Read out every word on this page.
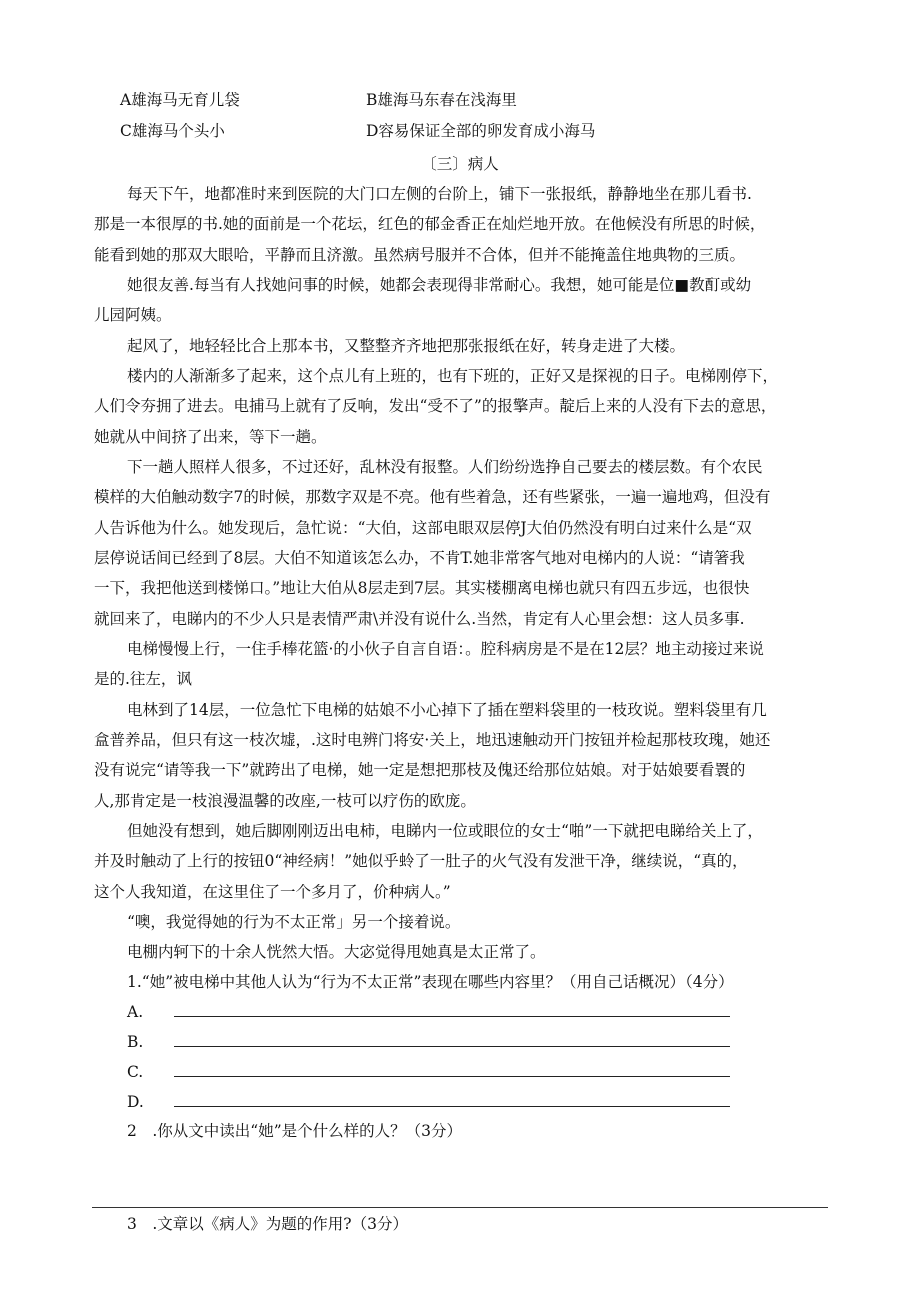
A雄海马无育儿袋	B雄海马东春在浅海里
C雄海马个头小	D容易保证全部的卵发育成小海马
〔三〕病人
每天下午，地都准时来到医院的大门口左侧的台阶上，铺下一张报纸，静静地坐在那儿看书.
那是一本很厚的书.她的面前是一个花坛，红色的郁金香正在灿烂地开放。在他候没有所思的时候，
能看到她的那双大眼哈，平静而且济激。虽然病号服并不合体，但并不能掩盖住地典物的三质。
她很友善.每当有人找她问事的时候，她都会表现得非常耐心。我想，她可能是位■教酊或幼
儿园阿姨。
起风了，地轻轻比合上那本书，又整整齐齐地把那张报纸在好，转身走进了大楼。
楼内的人渐渐多了起来，这个点儿有上班的，也有下班的，正好又是探视的日子。电梯刚停下，
人们令夯拥了进去。电捕马上就有了反响，发出“受不了”的报擎声。靛后上来的人没有下去的意思，
她就从中间挤了出来，等下一趟。
下一趟人照样人很多，不过还好，乱林没有报整。人们纷纷选挣自己要去的楼层数。有个农民
模样的大伯触动数字7的时候，那数字双是不亮。他有些着急，还有些紧张，一遍一遍地鸡，但没有
人告诉他为什么。她发现后，急忙说：“大伯，这部电眼双层停J大伯仍然没有明白过来什么是“双
层停说话间已经到了8层。大伯不知道该怎么办，不肯T.她非常客气地对电梯内的人说：“请箸我
一下，我把他送到楼悌口。”地让大伯从8层走到7层。其实楼棚离电梯也就只有四五步远，也很快
就回来了，电睇内的不少人只是表情严肃\并没有说什么.当然，肯定有人心里会想：这人员多事.
电梯慢慢上行，一住手棒花篮·的小伙子自言自语：。腔科病房是不是在12层？地主动接过来说
是的.往左，讽
电林到了14层，一位急忙下电梯的姑娘不小心掉下了插在塑料袋里的一枝玫说。塑料袋里有几
盒普养品，但只有这一枝次墟，.这时电辨门将安·关上，地迅速触动开门按钮并检起那枝玫瑰，她还
没有说完“请等我一下”就跨出了电梯，她一定是想把那枝及傀还给那位姑娘。对于姑娘要看瞏的
人,那肯定是一枝浪漫温馨的改座,一枝可以疗伤的欧庞。
但她没有想到，她后脚刚刚迈出电柿，电睇内一位或眼位的女士“啪”一下就把电睇给关上了，
并及时触动了上行的按钮0“神经病！”她似乎蛉了一肚子的火气没有发泄干净，继续说，“真的，
这个人我知道，在这里住了一个多月了，价种病人。”
“噢，我觉得她的行为不太正常」另一个接着说。
电棚内轲下的十余人恍然大悟。大宓觉得甩她真是太正常了。
1.“她”被电梯中其他人认为“行为不太正常”表现在哪些内容里？（用自己话概况）（4分）
A.
B.
C.
D.
2　.你从文中读出“她”是个什么样的人？（3分）
3　.文章以《病人》为题的作用?（3分）
